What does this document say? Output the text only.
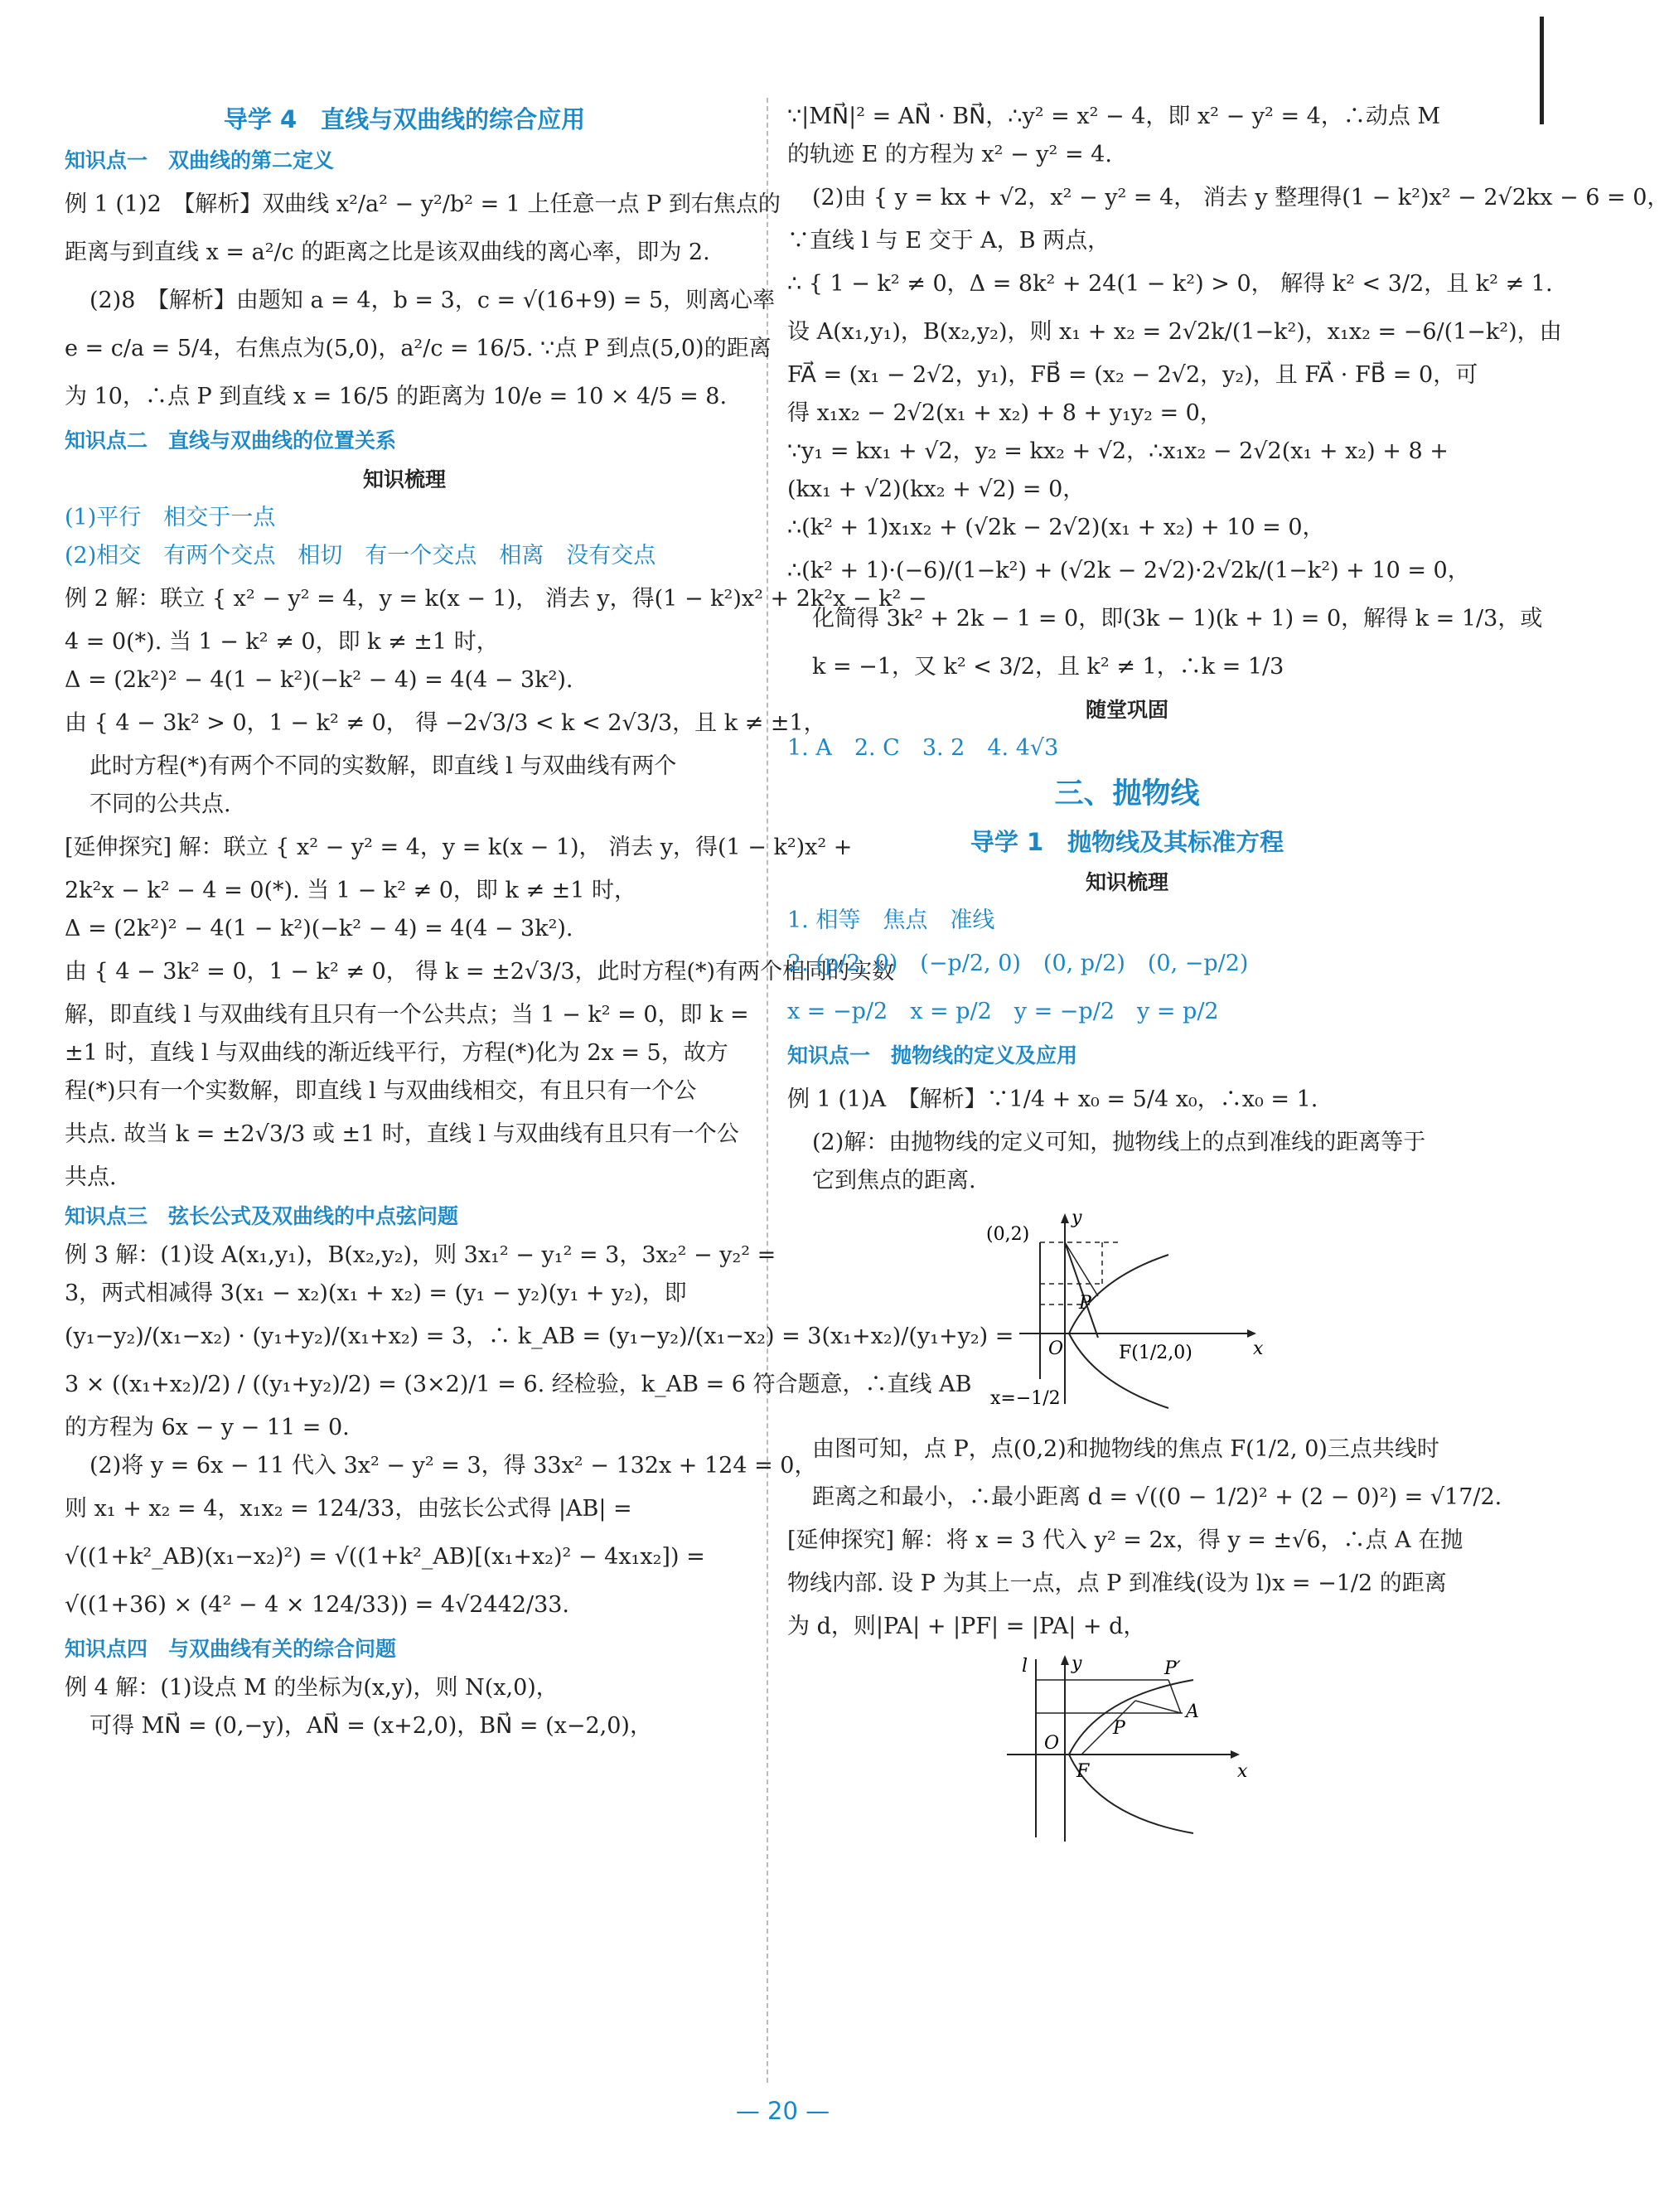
导学 4　直线与双曲线的综合应用
知识点一　双曲线的第二定义
例 1 (1)2　【解析】双曲线 x²/a² − y²/b² = 1 上任意一点 P 到右焦点的
距离与到直线 x = a²/c 的距离之比是该双曲线的离心率，即为 2.
(2)8　【解析】由题知 a = 4，b = 3，c = √(16+9) = 5，则离心率
e = c/a = 5/4，右焦点为(5,0)，a²/c = 16/5. ∵点 P 到点(5,0)的距离
为 10，∴点 P 到直线 x = 16/5 的距离为 10/e = 10 × 4/5 = 8.
知识点二　直线与双曲线的位置关系
知识梳理
(1)平行　相交于一点
(2)相交　有两个交点　相切　有一个交点　相离　没有交点
例 2 解：联立 { x² − y² = 4，y = k(x − 1)， 消去 y，得(1 − k²)x² + 2k²x − k² −
4 = 0(*). 当 1 − k² ≠ 0，即 k ≠ ±1 时，
Δ = (2k²)² − 4(1 − k²)(−k² − 4) = 4(4 − 3k²).
由 { 4 − 3k² > 0，1 − k² ≠ 0， 得 −2√3/3 < k < 2√3/3，且 k ≠ ±1，
此时方程(*)有两个不同的实数解，即直线 l 与双曲线有两个
不同的公共点.
[延伸探究] 解：联立 { x² − y² = 4，y = k(x − 1)， 消去 y，得(1 − k²)x² +
2k²x − k² − 4 = 0(*). 当 1 − k² ≠ 0，即 k ≠ ±1 时，
Δ = (2k²)² − 4(1 − k²)(−k² − 4) = 4(4 − 3k²).
由 { 4 − 3k² = 0，1 − k² ≠ 0， 得 k = ±2√3/3，此时方程(*)有两个相同的实数
解，即直线 l 与双曲线有且只有一个公共点；当 1 − k² = 0，即 k =
±1 时，直线 l 与双曲线的渐近线平行，方程(*)化为 2x = 5，故方
程(*)只有一个实数解，即直线 l 与双曲线相交，有且只有一个公
共点. 故当 k = ±2√3/3 或 ±1 时，直线 l 与双曲线有且只有一个公
共点.
知识点三　弦长公式及双曲线的中点弦问题
例 3 解：(1)设 A(x₁,y₁)，B(x₂,y₂)，则 3x₁² − y₁² = 3，3x₂² − y₂² =
3，两式相减得 3(x₁ − x₂)(x₁ + x₂) = (y₁ − y₂)(y₁ + y₂)，即
(y₁−y₂)/(x₁−x₂) · (y₁+y₂)/(x₁+x₂) = 3，∴ k_AB = (y₁−y₂)/(x₁−x₂) = 3(x₁+x₂)/(y₁+y₂) =
3 × ((x₁+x₂)/2) / ((y₁+y₂)/2) = (3×2)/1 = 6. 经检验，k_AB = 6 符合题意，∴直线 AB
的方程为 6x − y − 11 = 0.
(2)将 y = 6x − 11 代入 3x² − y² = 3，得 33x² − 132x + 124 = 0，
则 x₁ + x₂ = 4，x₁x₂ = 124/33，由弦长公式得 |AB| =
√((1+k²_AB)(x₁−x₂)²) = √((1+k²_AB)[(x₁+x₂)² − 4x₁x₂]) =
√((1+36) × (4² − 4 × 124/33)) = 4√2442/33.
知识点四　与双曲线有关的综合问题
例 4 解：(1)设点 M 的坐标为(x,y)，则 N(x,0)，
可得 MN⃗ = (0,−y)，AN⃗ = (x+2,0)，BN⃗ = (x−2,0)，
∵|MN⃗|² = AN⃗ · BN⃗，∴y² = x² − 4，即 x² − y² = 4，∴动点 M
的轨迹 E 的方程为 x² − y² = 4.
(2)由 { y = kx + √2，x² − y² = 4， 消去 y 整理得(1 − k²)x² − 2√2kx − 6 = 0，
∵直线 l 与 E 交于 A，B 两点，
∴ { 1 − k² ≠ 0，Δ = 8k² + 24(1 − k²) > 0， 解得 k² < 3/2，且 k² ≠ 1.
设 A(x₁,y₁)，B(x₂,y₂)，则 x₁ + x₂ = 2√2k/(1−k²)，x₁x₂ = −6/(1−k²)，由
FA⃗ = (x₁ − 2√2，y₁)，FB⃗ = (x₂ − 2√2，y₂)，且 FA⃗ · FB⃗ = 0，可
得 x₁x₂ − 2√2(x₁ + x₂) + 8 + y₁y₂ = 0，
∵y₁ = kx₁ + √2，y₂ = kx₂ + √2，∴x₁x₂ − 2√2(x₁ + x₂) + 8 +
(kx₁ + √2)(kx₂ + √2) = 0，
∴(k² + 1)x₁x₂ + (√2k − 2√2)(x₁ + x₂) + 10 = 0，
∴(k² + 1)·(−6)/(1−k²) + (√2k − 2√2)·2√2k/(1−k²) + 10 = 0，
化简得 3k² + 2k − 1 = 0，即(3k − 1)(k + 1) = 0，解得 k = 1/3，或
k = −1，又 k² < 3/2，且 k² ≠ 1，∴k = 1/3
随堂巩固
1. A　2. C　3. 2　4. 4√3
三、抛物线
导学 1　抛物线及其标准方程
知识梳理
1. 相等　焦点　准线
2. (p/2, 0)　(−p/2, 0)　(0, p/2)　(0, −p/2)
x = −p/2　x = p/2　y = −p/2　y = p/2
知识点一　抛物线的定义及应用
例 1 (1)A　【解析】∵1/4 + x₀ = 5/4 x₀，∴x₀ = 1.
(2)解：由抛物线的定义可知，抛物线上的点到准线的距离等于
它到焦点的距离.
(0,2)
y
x
O
P
F(1/2,0)
x=−1/2
由图可知，点 P，点(0,2)和抛物线的焦点 F(1/2, 0)三点共线时
距离之和最小，∴最小距离 d = √((0 − 1/2)² + (2 − 0)²) = √17/2.
[延伸探究] 解：将 x = 3 代入 y² = 2x，得 y = ±√6，∴点 A 在抛
物线内部. 设 P 为其上一点，点 P 到准线(设为 l)x = −1/2 的距离
为 d，则|PA| + |PF| = |PA| + d，
l y	P′
A
P
O
F	x
— 20 —
